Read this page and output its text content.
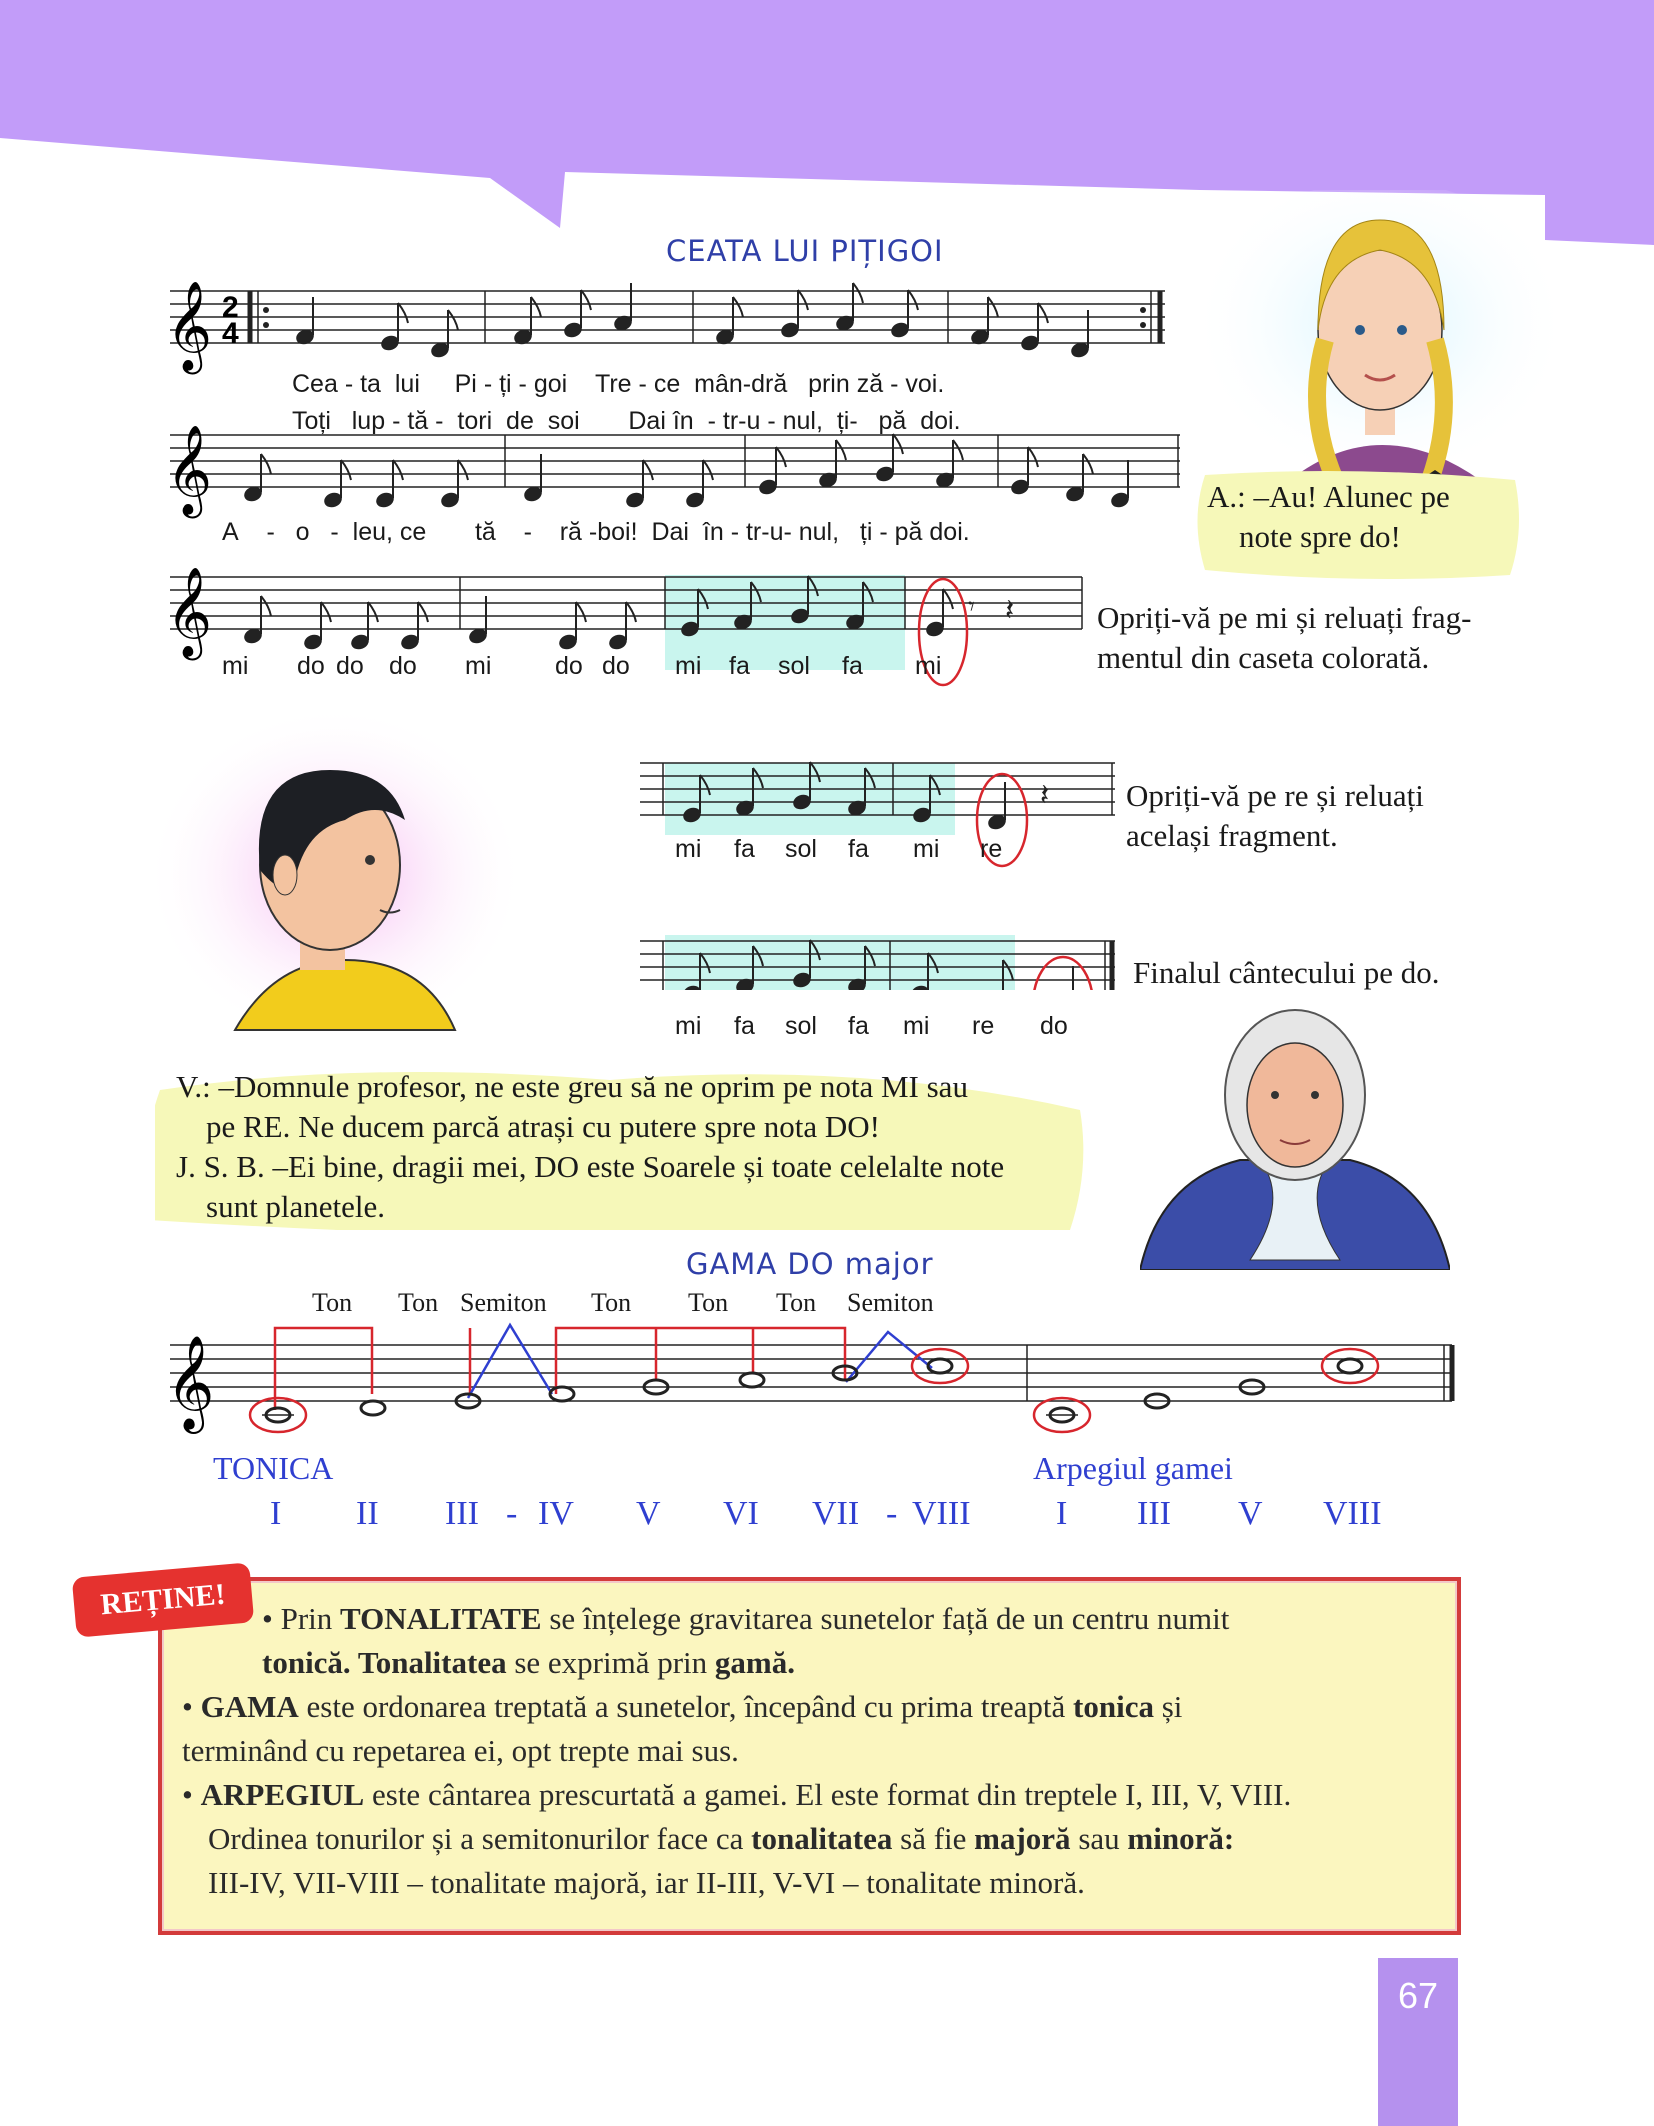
CEATA LUI PIȚIGOI
𝄞 2
4
𝄞
𝄞	𝄾 𝄽
𝄽
Cea - ta lui Pi - ți - goi Tre - ce mân-dră prin ză - voi.
Toți lup - tă - tori de soi Dai în - tr-u - nul, ți- pă doi.
A - o - leu, ce tă - ră -boi! Dai în - tr-u- nul, ți - pă doi.
mi do do do mi	do do mi fa sol fa mi
mi fa sol fa mi re
mi fa sol fa mi re do
A.: –Au! Alunec pe
note spre do!
Opriți-vă pe mi și reluați frag-
mentul din caseta colorată.
Opriți-vă pe re și reluați
același fragment.
Finalul cântecului pe do.
V.: –Domnule profesor, ne este greu să ne oprim pe nota MI sau
pe RE. Ne ducem parcă atrași cu putere spre nota DO!
J. S. B. –Ei bine, dragii mei, DO este Soarele și toate celelalte note
sunt planetele.
GAMA DO major
Ton Ton Semiton Ton Ton Ton Semiton
𝄞
TONICA	Arpegiul gamei
I II III - IV V VI VII - VIII	I III V VIII
REȚINE!	• Prin TONALITATE se înțelege gravitarea sunetelor față de un centru numit
tonică. Tonalitatea se exprimă prin gamă.
• GAMA este ordonarea treptată a sunetelor, începând cu prima treaptă tonica și
terminând cu repetarea ei, opt trepte mai sus.
• ARPEGIUL este cântarea prescurtată a gamei. El este format din treptele I, III, V, VIII.
Ordinea tonurilor și a semitonurilor face ca tonalitatea să fie majoră sau minoră:
III-IV, VII-VIII – tonalitate majoră, iar II-III, V-VI – tonalitate minoră.
67
